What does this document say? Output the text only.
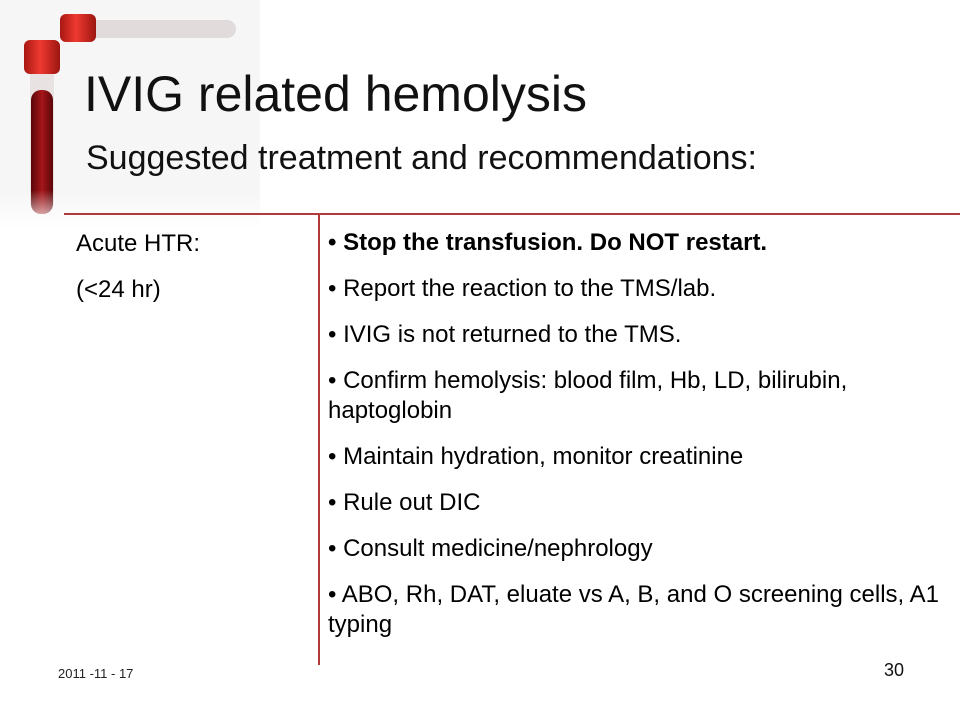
IVIG related hemolysis
Suggested treatment and recommendations:
Acute HTR:
(<24 hr)
• Stop the transfusion. Do NOT restart.
• Report the reaction to the TMS/lab.
• IVIG is not returned to the TMS.
• Confirm hemolysis: blood film, Hb, LD, bilirubin, haptoglobin
• Maintain hydration, monitor creatinine
• Rule out DIC
• Consult medicine/nephrology
• ABO, Rh, DAT, eluate vs A, B, and O screening cells, A1 typing
2011 -11 - 17	30
